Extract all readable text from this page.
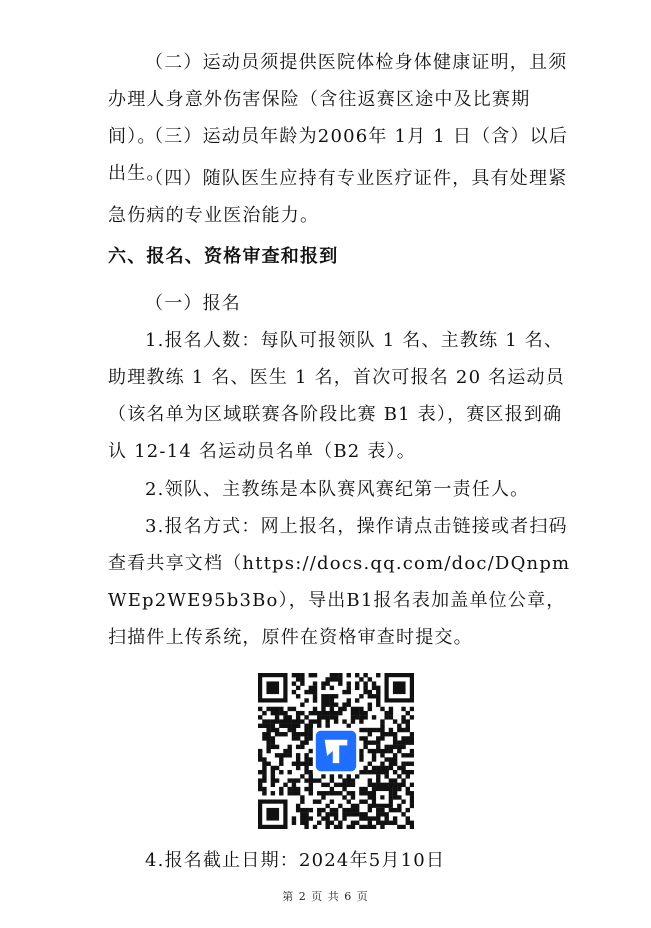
（二）运动员须提供医院体检身体健康证明，且须办理人身意外伤害保险（含往返赛区途中及比赛期间）。

（三）运动员年龄为2006年 1月 1 日（含）以后出生。

（四）随队医生应持有专业医疗证件，具有处理紧急伤病的专业医治能力。

六、报名、资格审查和报到

（一）报名

1.报名人数：每队可报领队 1 名、主教练 1 名、助理教练 1 名、医生 1 名，首次可报名 20 名运动员（该名单为区域联赛各阶段比赛 B1 表），赛区报到确认 12-14 名运动员名单（B2 表）。

2.领队、主教练是本队赛风赛纪第一责任人。

3.报名方式：网上报名，操作请点击链接或者扫码查看共享文档（https://docs.qq.com/doc/DQnpmWEp2WE95b3Bo），导出B1报名表加盖单位公章，扫描件上传系统，原件在资格审查时提交。

4.报名截止日期：2024年5月10日

第 2 页 共 6 页
